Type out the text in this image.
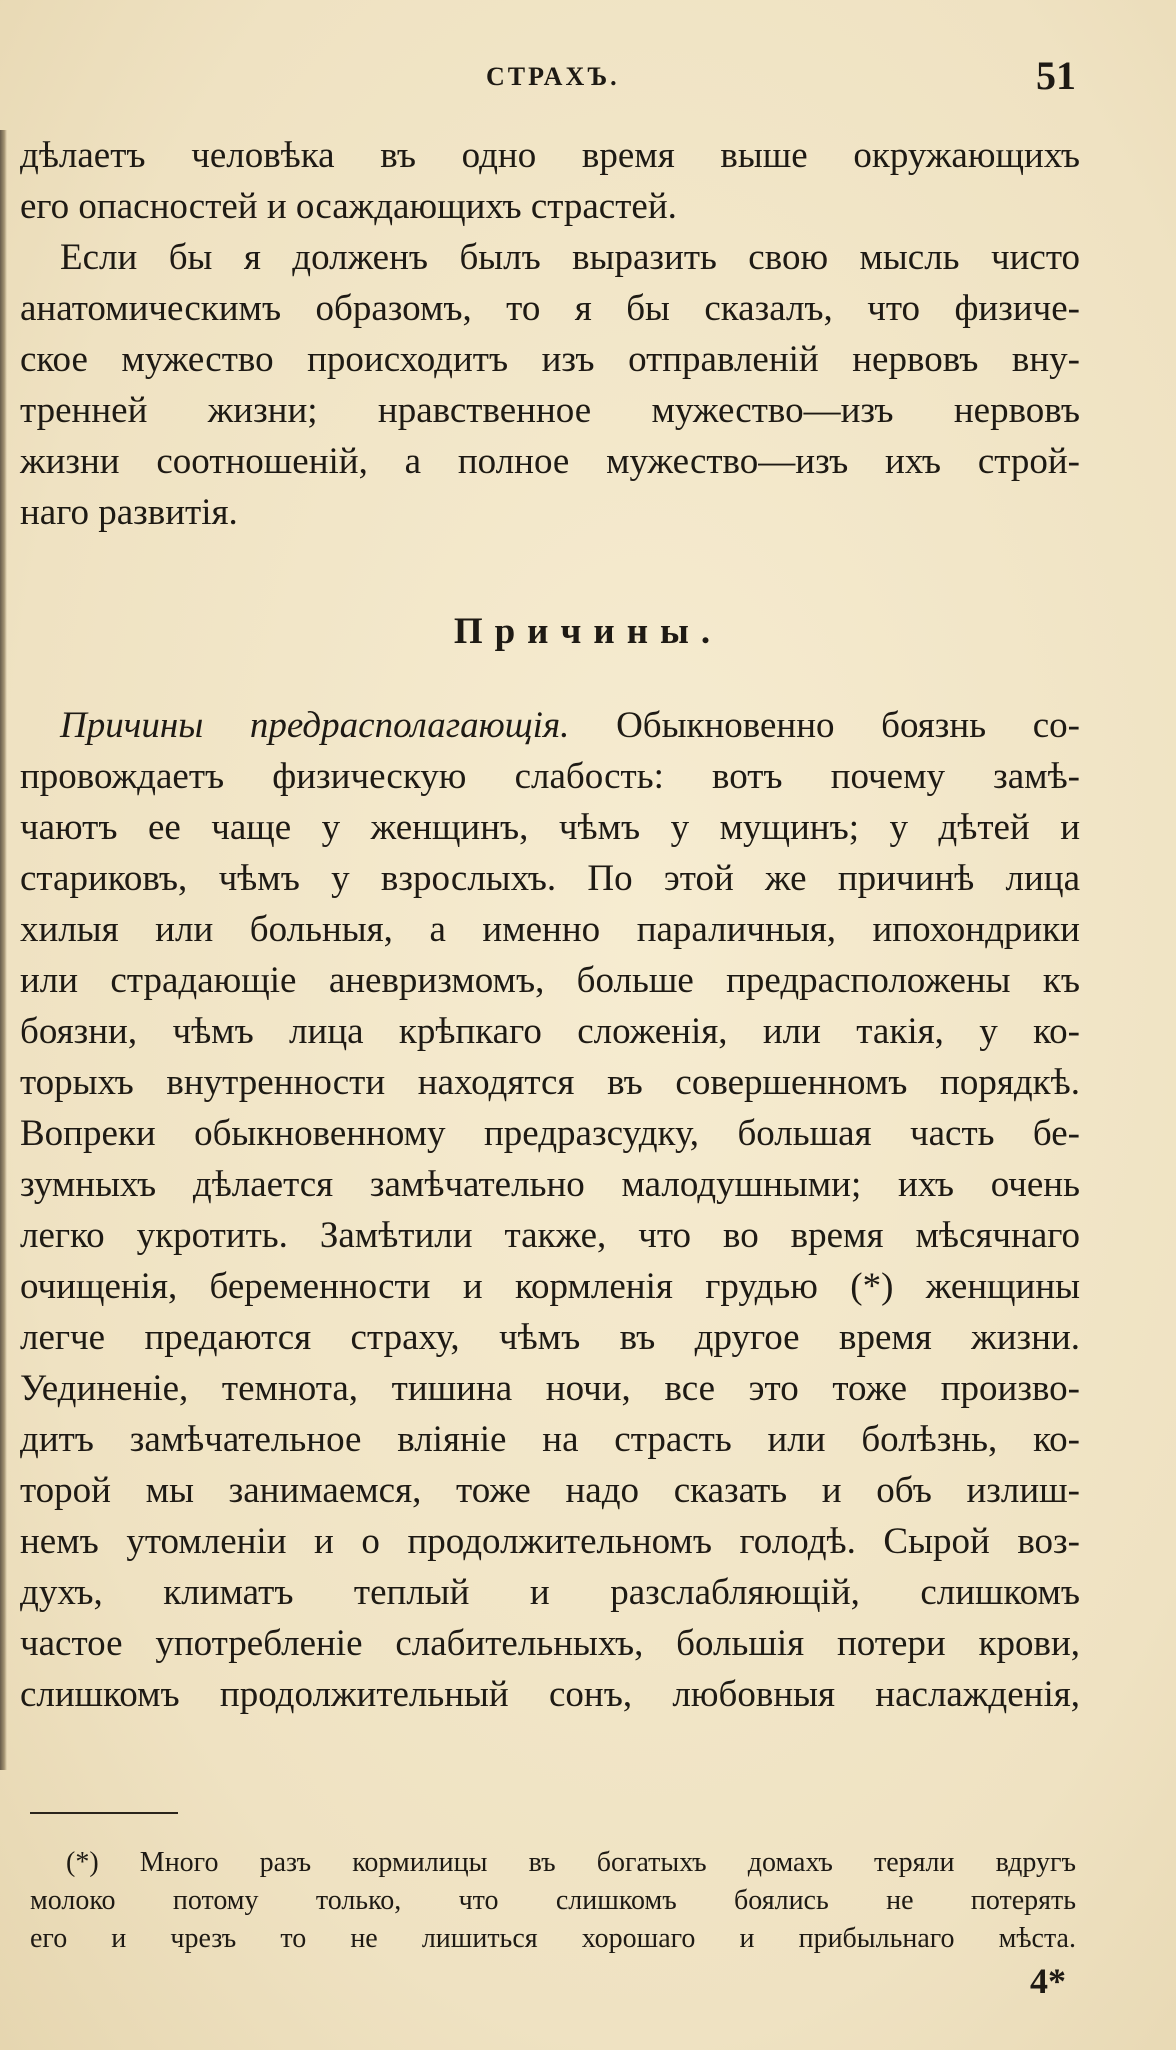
СТРАХЪ.	51
дѣлаетъ человѣка въ одно время выше окружающихъ
его опасностей и осаждающихъ страстей.
Если бы я долженъ былъ выразить свою мысль чисто
анатомическимъ образомъ, то я бы сказалъ, что физиче-
ское мужество происходитъ изъ отправленій нервовъ вну-
тренней жизни; нравственное мужество—изъ нервовъ
жизни соотношеній, а полное мужество—изъ ихъ строй-
наго развитія.
Причины.
Причины предрасполагающія. Обыкновенно боязнь со-
провождаетъ физическую слабость: вотъ почему замѣ-
чаютъ ее чаще у женщинъ, чѣмъ у мущинъ; у дѣтей и
стариковъ, чѣмъ у взрослыхъ. По этой же причинѣ лица
хилыя или больныя, а именно параличныя, ипохондрики
или страдающіе аневризмомъ, больше предрасположены къ
боязни, чѣмъ лица крѣпкаго сложенія, или такія, у ко-
торыхъ внутренности находятся въ совершенномъ порядкѣ.
Вопреки обыкновенному предразсудку, большая часть бе-
зумныхъ дѣлается замѣчательно малодушными; ихъ очень
легко укротить. Замѣтили также, что во время мѣсячнаго
очищенія, беременности и кормленія грудью (*) женщины
легче предаются страху, чѣмъ въ другое время жизни.
Уединеніе, темнота, тишина ночи, все это тоже произво-
дитъ замѣчательное вліяніе на страсть или болѣзнь, ко-
торой мы занимаемся, тоже надо сказать и объ излиш-
немъ утомленіи и о продолжительномъ голодѣ. Сырой воз-
духъ, климатъ теплый и разслабляющій, слишкомъ
частое употребленіе слабительныхъ, большія потери крови,
слишкомъ продолжительный сонъ, любовныя наслажденія,
(*) Много разъ кормилицы въ богатыхъ домахъ теряли вдругъ
молоко потому только, что слишкомъ боялись не потерять
его и чрезъ то не лишиться хорошаго и прибыльнаго мѣста.
4*
